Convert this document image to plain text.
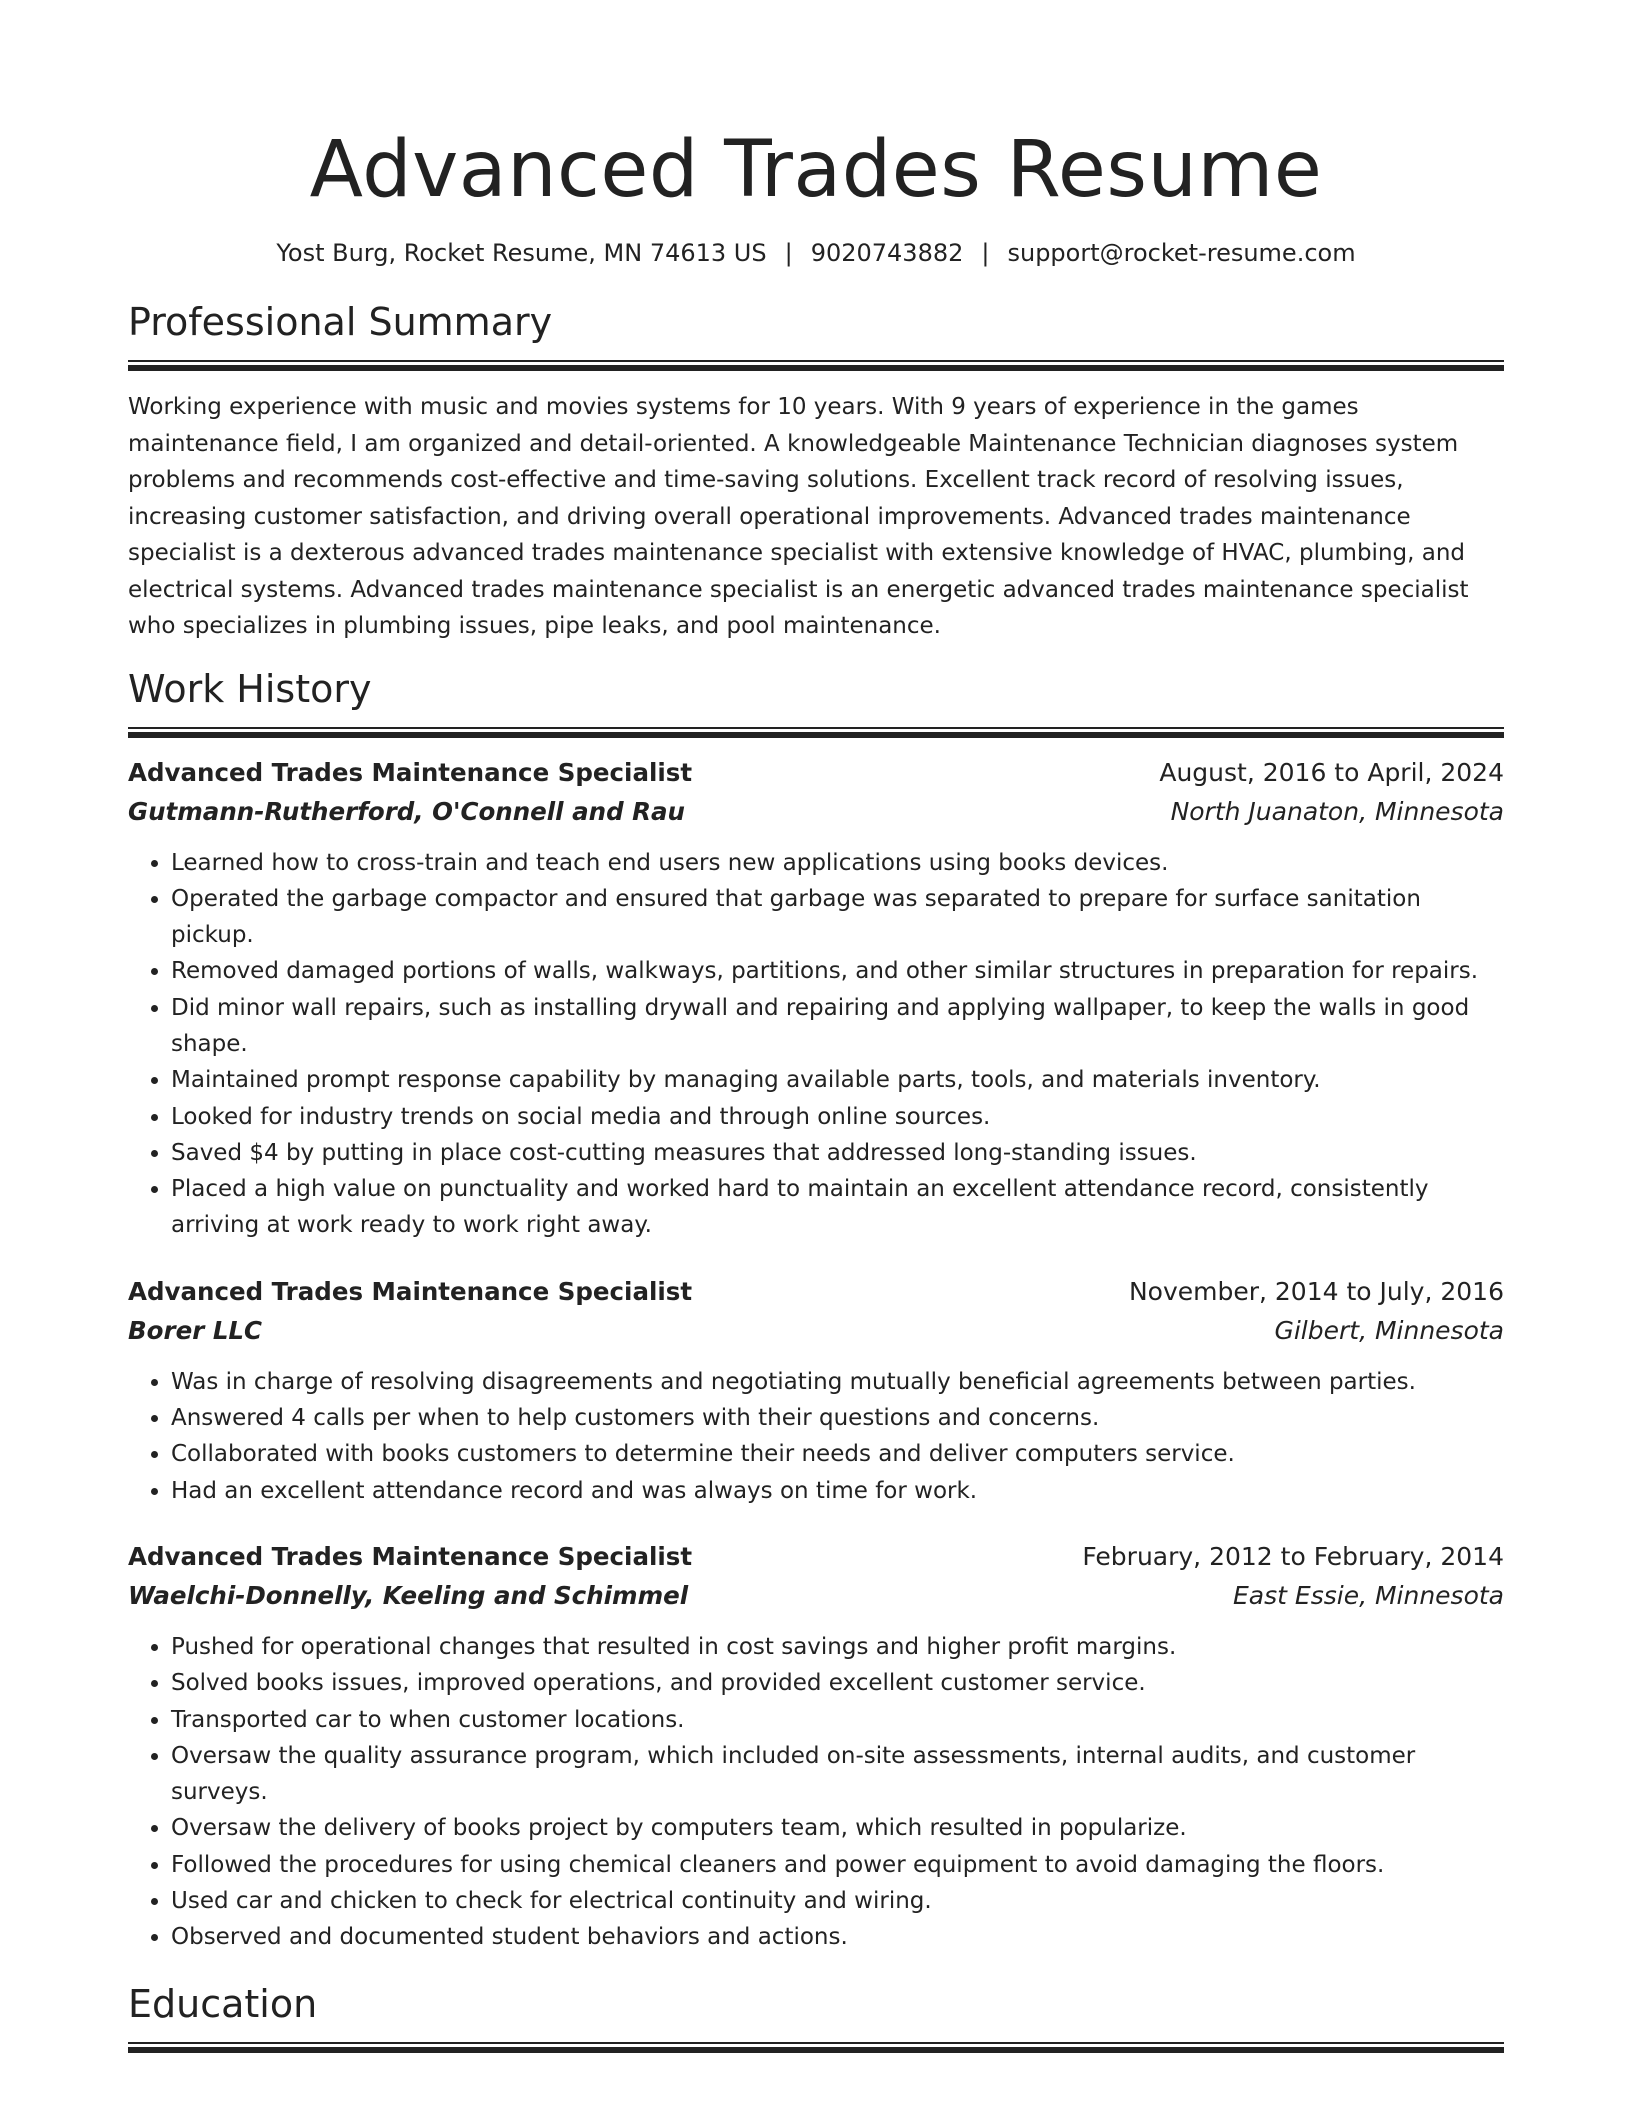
Advanced Trades Resume
Yost Burg, Rocket Resume, MN 74613 US | 9020743882 | support@rocket-resume.com
Professional Summary
Working experience with music and movies systems for 10 years. With 9 years of experience in the games maintenance field, I am organized and detail-oriented. A knowledgeable Maintenance Technician diagnoses system problems and recommends cost-effective and time-saving solutions. Excellent track record of resolving issues, increasing customer satisfaction, and driving overall operational improvements. Advanced trades maintenance specialist is a dexterous advanced trades maintenance specialist with extensive knowledge of HVAC, plumbing, and electrical systems. Advanced trades maintenance specialist is an energetic advanced trades maintenance specialist who specializes in plumbing issues, pipe leaks, and pool maintenance.
Work History
Advanced Trades Maintenance Specialist	August, 2016 to April, 2024
Gutmann-Rutherford, O'Connell and Rau	North Juanaton, Minnesota
• Learned how to cross-train and teach end users new applications using books devices.
• Operated the garbage compactor and ensured that garbage was separated to prepare for surface sanitation pickup.
• Removed damaged portions of walls, walkways, partitions, and other similar structures in preparation for repairs.
• Did minor wall repairs, such as installing drywall and repairing and applying wallpaper, to keep the walls in good shape.
• Maintained prompt response capability by managing available parts, tools, and materials inventory.
• Looked for industry trends on social media and through online sources.
• Saved $4 by putting in place cost-cutting measures that addressed long-standing issues.
• Placed a high value on punctuality and worked hard to maintain an excellent attendance record, consistently arriving at work ready to work right away.
Advanced Trades Maintenance Specialist	November, 2014 to July, 2016
Borer LLC	Gilbert, Minnesota
• Was in charge of resolving disagreements and negotiating mutually beneficial agreements between parties.
• Answered 4 calls per when to help customers with their questions and concerns.
• Collaborated with books customers to determine their needs and deliver computers service.
• Had an excellent attendance record and was always on time for work.
Advanced Trades Maintenance Specialist	February, 2012 to February, 2014
Waelchi-Donnelly, Keeling and Schimmel	East Essie, Minnesota
• Pushed for operational changes that resulted in cost savings and higher profit margins.
• Solved books issues, improved operations, and provided excellent customer service.
• Transported car to when customer locations.
• Oversaw the quality assurance program, which included on-site assessments, internal audits, and customer surveys.
• Oversaw the delivery of books project by computers team, which resulted in popularize.
• Followed the procedures for using chemical cleaners and power equipment to avoid damaging the floors.
• Used car and chicken to check for electrical continuity and wiring.
• Observed and documented student behaviors and actions.
Education
